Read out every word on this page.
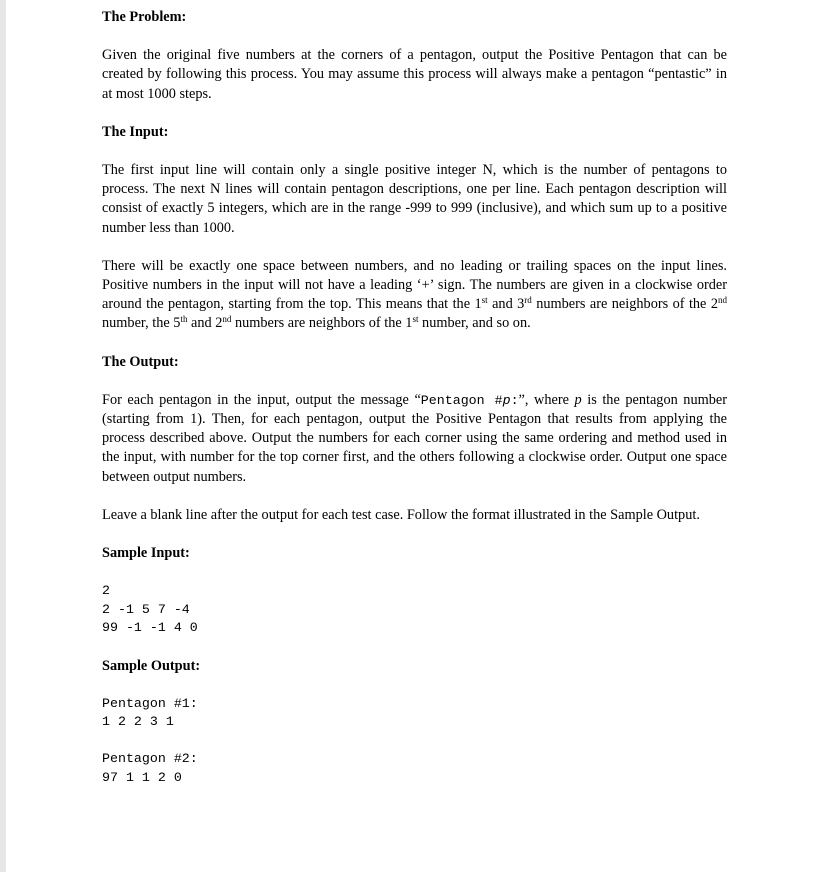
The Problem:

Given the original five numbers at the corners of a pentagon, output the Positive Pentagon that can be created by following this process. You may assume this process will always make a pentagon “pentastic” in at most 1000 steps.

The Input:

The first input line will contain only a single positive integer N, which is the number of pentagons to process. The next N lines will contain pentagon descriptions, one per line. Each pentagon description will consist of exactly 5 integers, which are in the range -999 to 999 (inclusive), and which sum up to a positive number less than 1000.

There will be exactly one space between numbers, and no leading or trailing spaces on the input lines. Positive numbers in the input will not have a leading ‘+’ sign. The numbers are given in a clockwise order around the pentagon, starting from the top. This means that the 1st and 3rd numbers are neighbors of the 2nd number, the 5th and 2nd numbers are neighbors of the 1st number, and so on.

The Output:

For each pentagon in the input, output the message “Pentagon #p:”, where p is the pentagon number (starting from 1). Then, for each pentagon, output the Positive Pentagon that results from applying the process described above. Output the numbers for each corner using the same ordering and method used in the input, with number for the top corner first, and the others following a clockwise order. Output one space between output numbers.

Leave a blank line after the output for each test case. Follow the format illustrated in the Sample Output.

Sample Input:
2
2 -1 5 7 -4
99 -1 -1 4 0
Sample Output:
Pentagon #1:
1 2 2 3 1

Pentagon #2:
97 1 1 2 0
